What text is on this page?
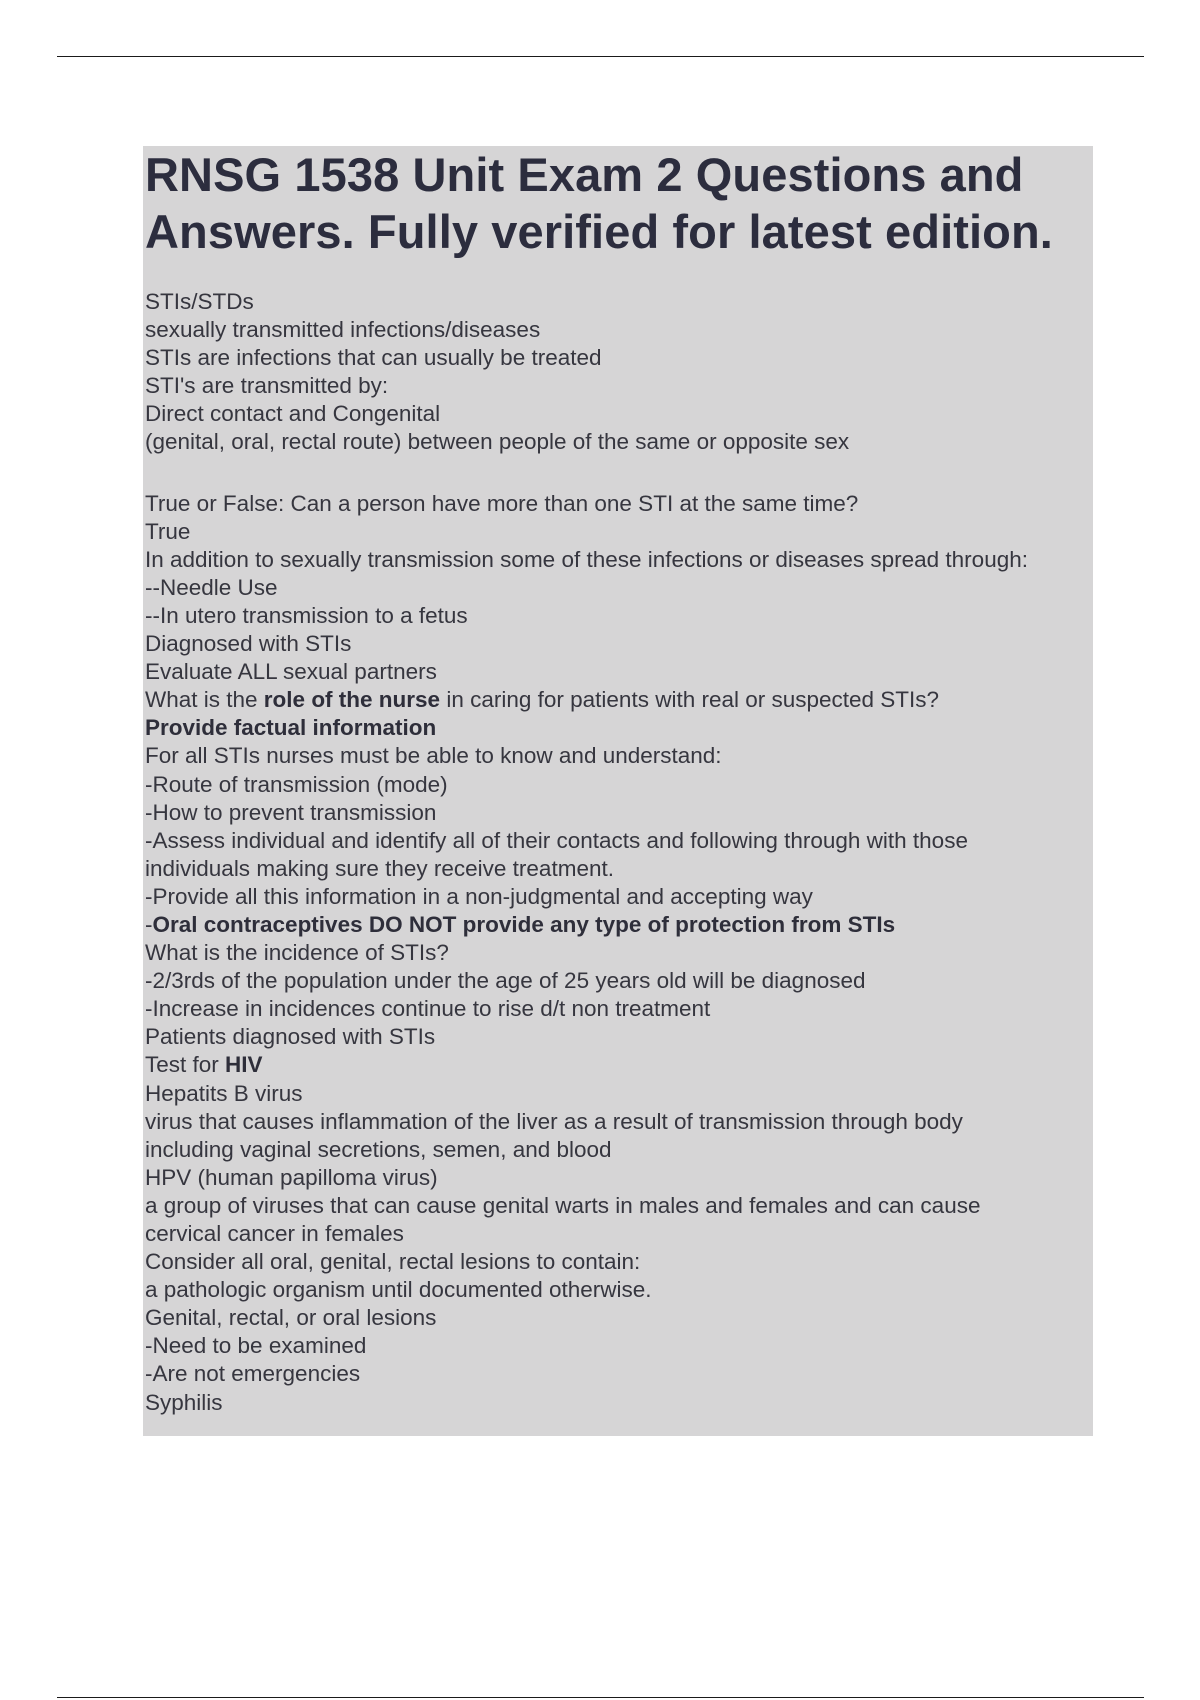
RNSG 1538 Unit Exam 2 Questions and Answers. Fully verified for latest edition.
STIs/STDs
sexually transmitted infections/diseases
STIs are infections that can usually be treated
STI's are transmitted by:
Direct contact and Congenital
(genital, oral, rectal route) between people of the same or opposite sex
True or False: Can a person have more than one STI at the same time?
True
In addition to sexually transmission some of these infections or diseases spread through:
--Needle Use
--In utero transmission to a fetus
Diagnosed with STIs
Evaluate ALL sexual partners
What is the role of the nurse in caring for patients with real or suspected STIs?
Provide factual information
For all STIs nurses must be able to know and understand:
-Route of transmission (mode)
-How to prevent transmission
-Assess individual and identify all of their contacts and following through with those individuals making sure they receive treatment.
-Provide all this information in a non-judgmental and accepting way
-Oral contraceptives DO NOT provide any type of protection from STIs
What is the incidence of STIs?
-2/3rds of the population under the age of 25 years old will be diagnosed
-Increase in incidences continue to rise d/t non treatment
Patients diagnosed with STIs
Test for HIV
Hepatits B virus
virus that causes inflammation of the liver as a result of transmission through body including vaginal secretions, semen, and blood
HPV (human papilloma virus)
a group of viruses that can cause genital warts in males and females and can cause cervical cancer in females
Consider all oral, genital, rectal lesions to contain:
a pathologic organism until documented otherwise.
Genital, rectal, or oral lesions
-Need to be examined
-Are not emergencies
Syphilis
